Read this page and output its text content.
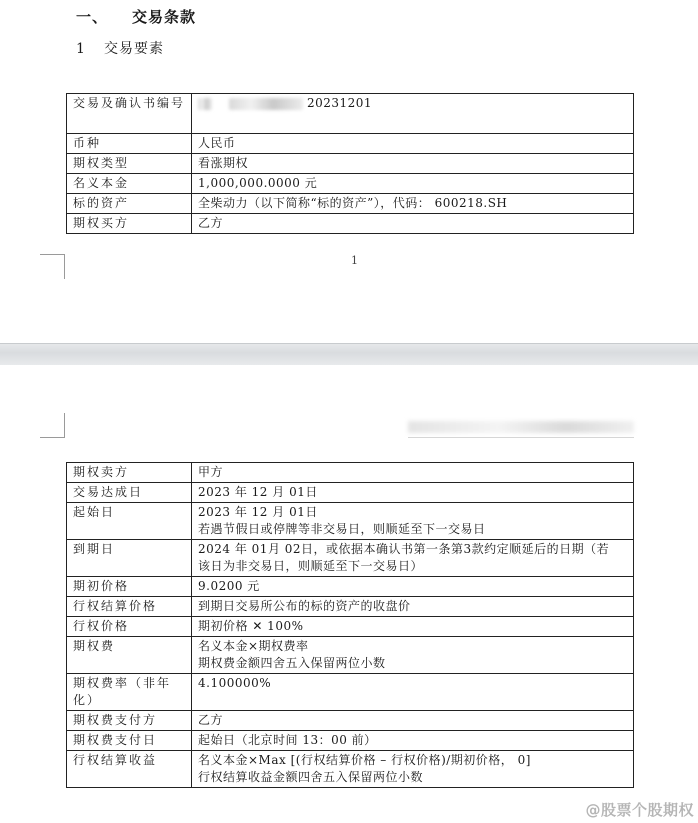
一、 交易条款
1 交易要素
交易及确认书编号	20231201
币种	人民币
期权类型	看涨期权
名义本金	1,000,000.0000 元
标的资产	全柴动力（以下简称“标的资产”），代码： 600218.SH
期权买方	乙方
1
期权卖方	甲方

交易达成日	2023 年 12 月 01日

起始日	2023 年 12 月 01日
若遇节假日或停牌等非交易日，则顺延至下一交易日

到期日	2024 年 01月 02日，或依据本确认书第一条第3款约定顺延后的日期（若
该日为非交易日，则顺延至下一交易日）

期初价格	9.0200 元

行权结算价格	到期日交易所公布的标的资产的收盘价

行权价格	期初价格 ✕ 100%

期权费	名义本金×期权费率
期权费金额四舍五入保留两位小数

期权费率（非年化）	4.100000%

期权费支付方	乙方

期权费支付日	起始日（北京时间 13：00 前）

行权结算收益	名义本金×Max [(行权结算价格 – 行权价格)/期初价格， 0]
行权结算收益金额四舍五入保留两位小数
@股票个股期权
